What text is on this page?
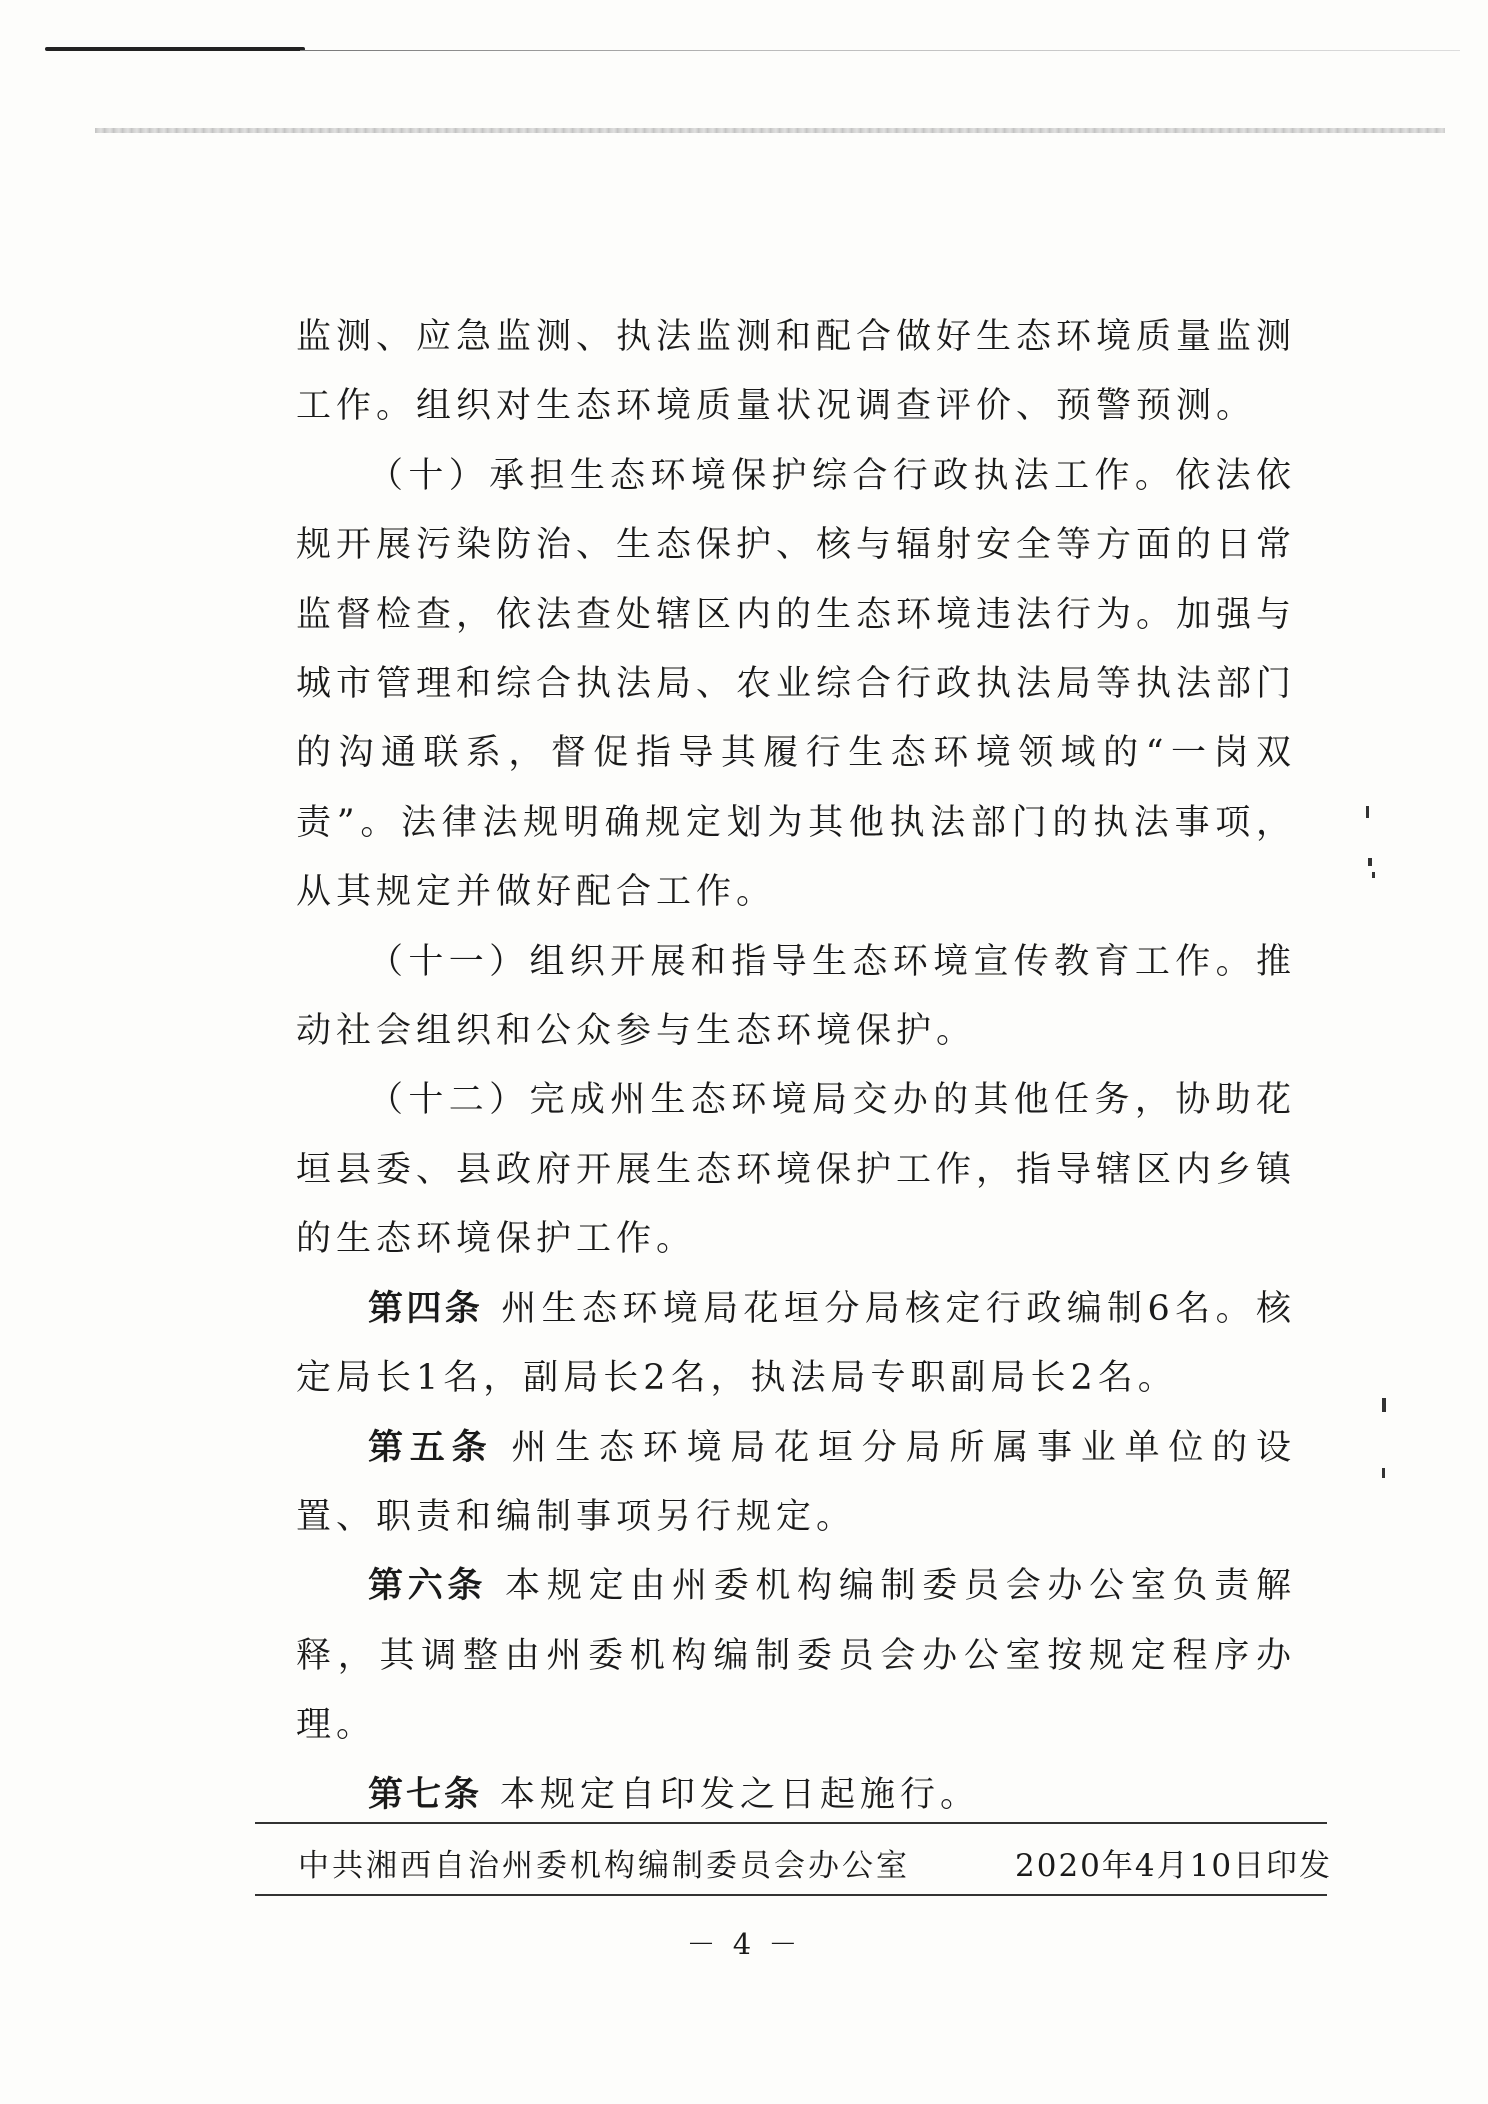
监测、应急监测、执法监测和配合做好生态环境质量监测工作。组织对生态环境质量状况调查评价、预警预测。

（十）承担生态环境保护综合行政执法工作。依法依规开展污染防治、生态保护、核与辐射安全等方面的日常监督检查，依法查处辖区内的生态环境违法行为。加强与城市管理和综合执法局、农业综合行政执法局等执法部门的沟通联系，督促指导其履行生态环境领域的“一岗双责”。法律法规明确规定划为其他执法部门的执法事项，从其规定并做好配合工作。

（十一）组织开展和指导生态环境宣传教育工作。推动社会组织和公众参与生态环境保护。

（十二）完成州生态环境局交办的其他任务，协助花垣县委、县政府开展生态环境保护工作，指导辖区内乡镇的生态环境保护工作。

第四条 州生态环境局花垣分局核定行政编制6名。核定局长1名，副局长2名，执法局专职副局长2名。

第五条 州生态环境局花垣分局所属事业单位的设置、职责和编制事项另行规定。

第六条 本规定由州委机构编制委员会办公室负责解释，其调整由州委机构编制委员会办公室按规定程序办理。

第七条 本规定自印发之日起施行。

中共湘西自治州委机构编制委员会办公室	2020年4月10日印发
－ 4 －
